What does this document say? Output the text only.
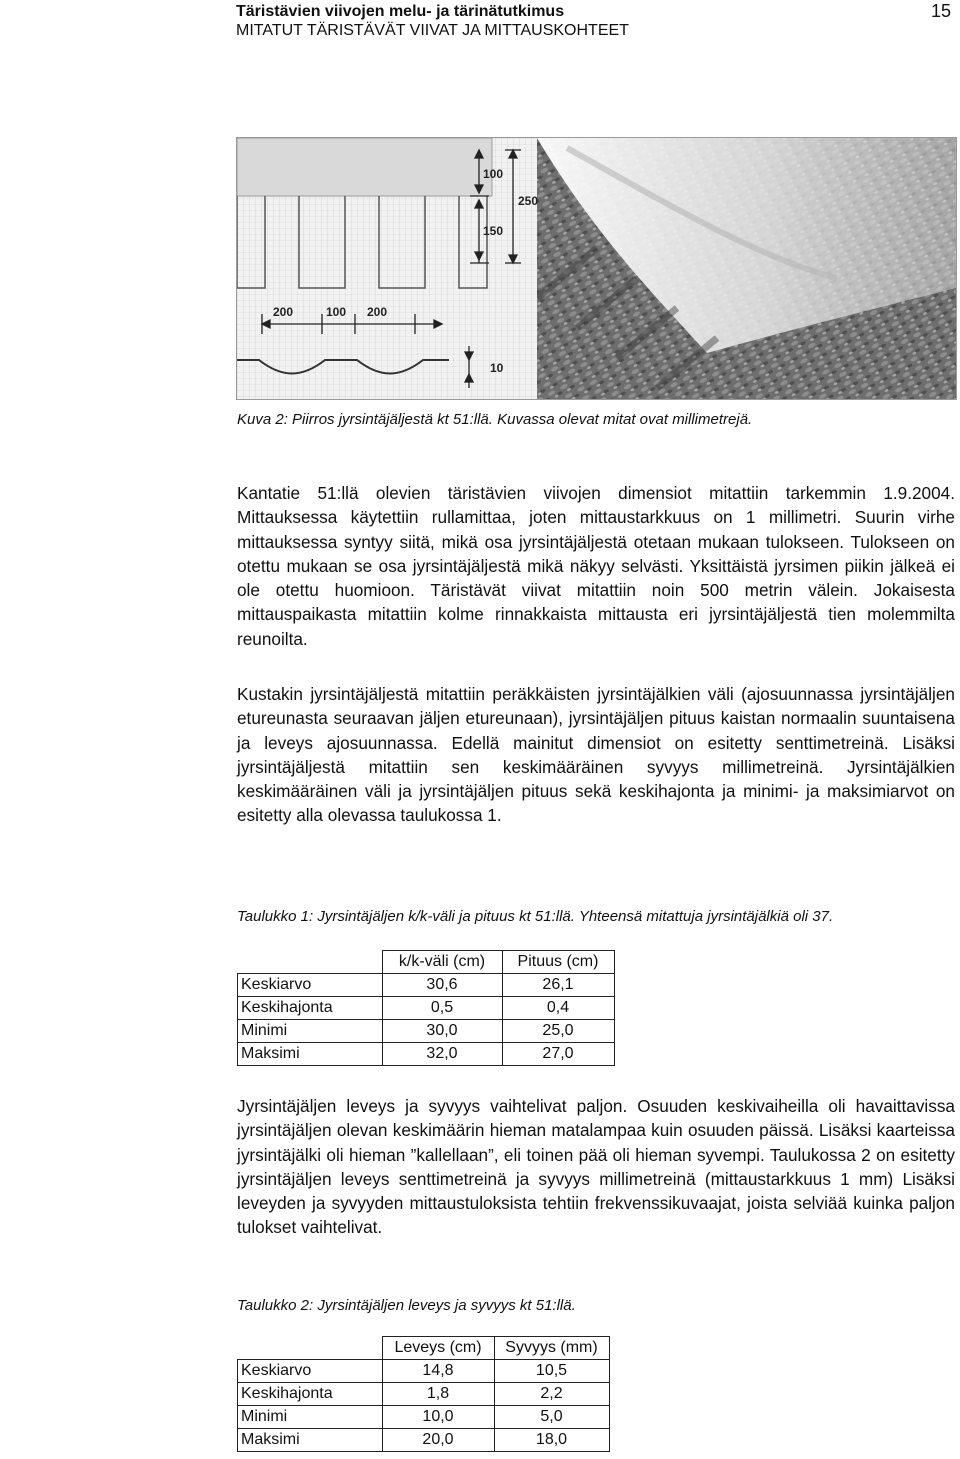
Täristävien viivojen melu- ja tärinätutkimus
MITATUT TÄRISTÄVÄT VIIVAT JA MITTAUSKOHTEET
15
100
250
150
200	100 200
10
Kuva 2: Piirros jyrsintäjäljestä kt 51:llä. Kuvassa olevat mitat ovat millimetrejä.

Kantatie 51:llä olevien täristävien viivojen dimensiot mitattiin tarkemmin 1.9.2004. Mittauksessa käytettiin rullamittaa, joten mittaustarkkuus on 1 millimetri. Suurin virhe mittauksessa syntyy siitä, mikä osa jyrsintäjäljestä otetaan mukaan tulokseen. Tulokseen on otettu mukaan se osa jyrsintäjäljestä mikä näkyy selvästi. Yksittäistä jyrsimen piikin jälkeä ei ole otettu huomioon. Täristävät viivat mitattiin noin 500 metrin välein. Jokaisesta mittauspaikasta mitattiin kolme rinnakkaista mittausta eri jyrsintäjäljestä tien molemmilta reunoilta.

Kustakin jyrsintäjäljestä mitattiin peräkkäisten jyrsintäjälkien väli (ajosuunnassa jyrsintäjäljen etureunasta seuraavan jäljen etureunaan), jyrsintäjäljen pituus kaistan normaalin suuntaisena ja leveys ajosuunnassa. Edellä mainitut dimensiot on esitetty senttimetreinä. Lisäksi jyrsintäjäljestä mitattiin sen keskimääräinen syvyys millimetreinä. Jyrsintäjälkien keskimääräinen väli ja jyrsintäjäljen pituus sekä keskihajonta ja minimi- ja maksimiarvot on esitetty alla olevassa taulukossa 1.

Taulukko 1: Jyrsintäjäljen k/k-väli ja pituus kt 51:llä. Yhteensä mitattuja jyrsintäjälkiä oli 37.
	k/k-väli (cm)	Pituus (cm)
Keskiarvo	30,6	26,1
Keskihajonta	0,5	0,4
Minimi	30,0	25,0
Maksimi	32,0	27,0

Jyrsintäjäljen leveys ja syvyys vaihtelivat paljon. Osuuden keskivaiheilla oli havaittavissa jyrsintäjäljen olevan keskimäärin hieman matalampaa kuin osuuden päissä. Lisäksi kaarteissa jyrsintäjälki oli hieman ”kallellaan”, eli toinen pää oli hieman syvempi. Taulukossa 2 on esitetty jyrsintäjäljen leveys senttimetreinä ja syvyys millimetreinä (mittaustarkkuus 1 mm) Lisäksi leveyden ja syvyyden mittaustuloksista tehtiin frekvenssikuvaajat, joista selviää kuinka paljon tulokset vaihtelivat.

Taulukko 2: Jyrsintäjäljen leveys ja syvyys kt 51:llä.
	Leveys (cm)	Syvyys (mm)
Keskiarvo	14,8	10,5
Keskihajonta	1,8	2,2
Minimi	10,0	5,0
Maksimi	20,0	18,0
